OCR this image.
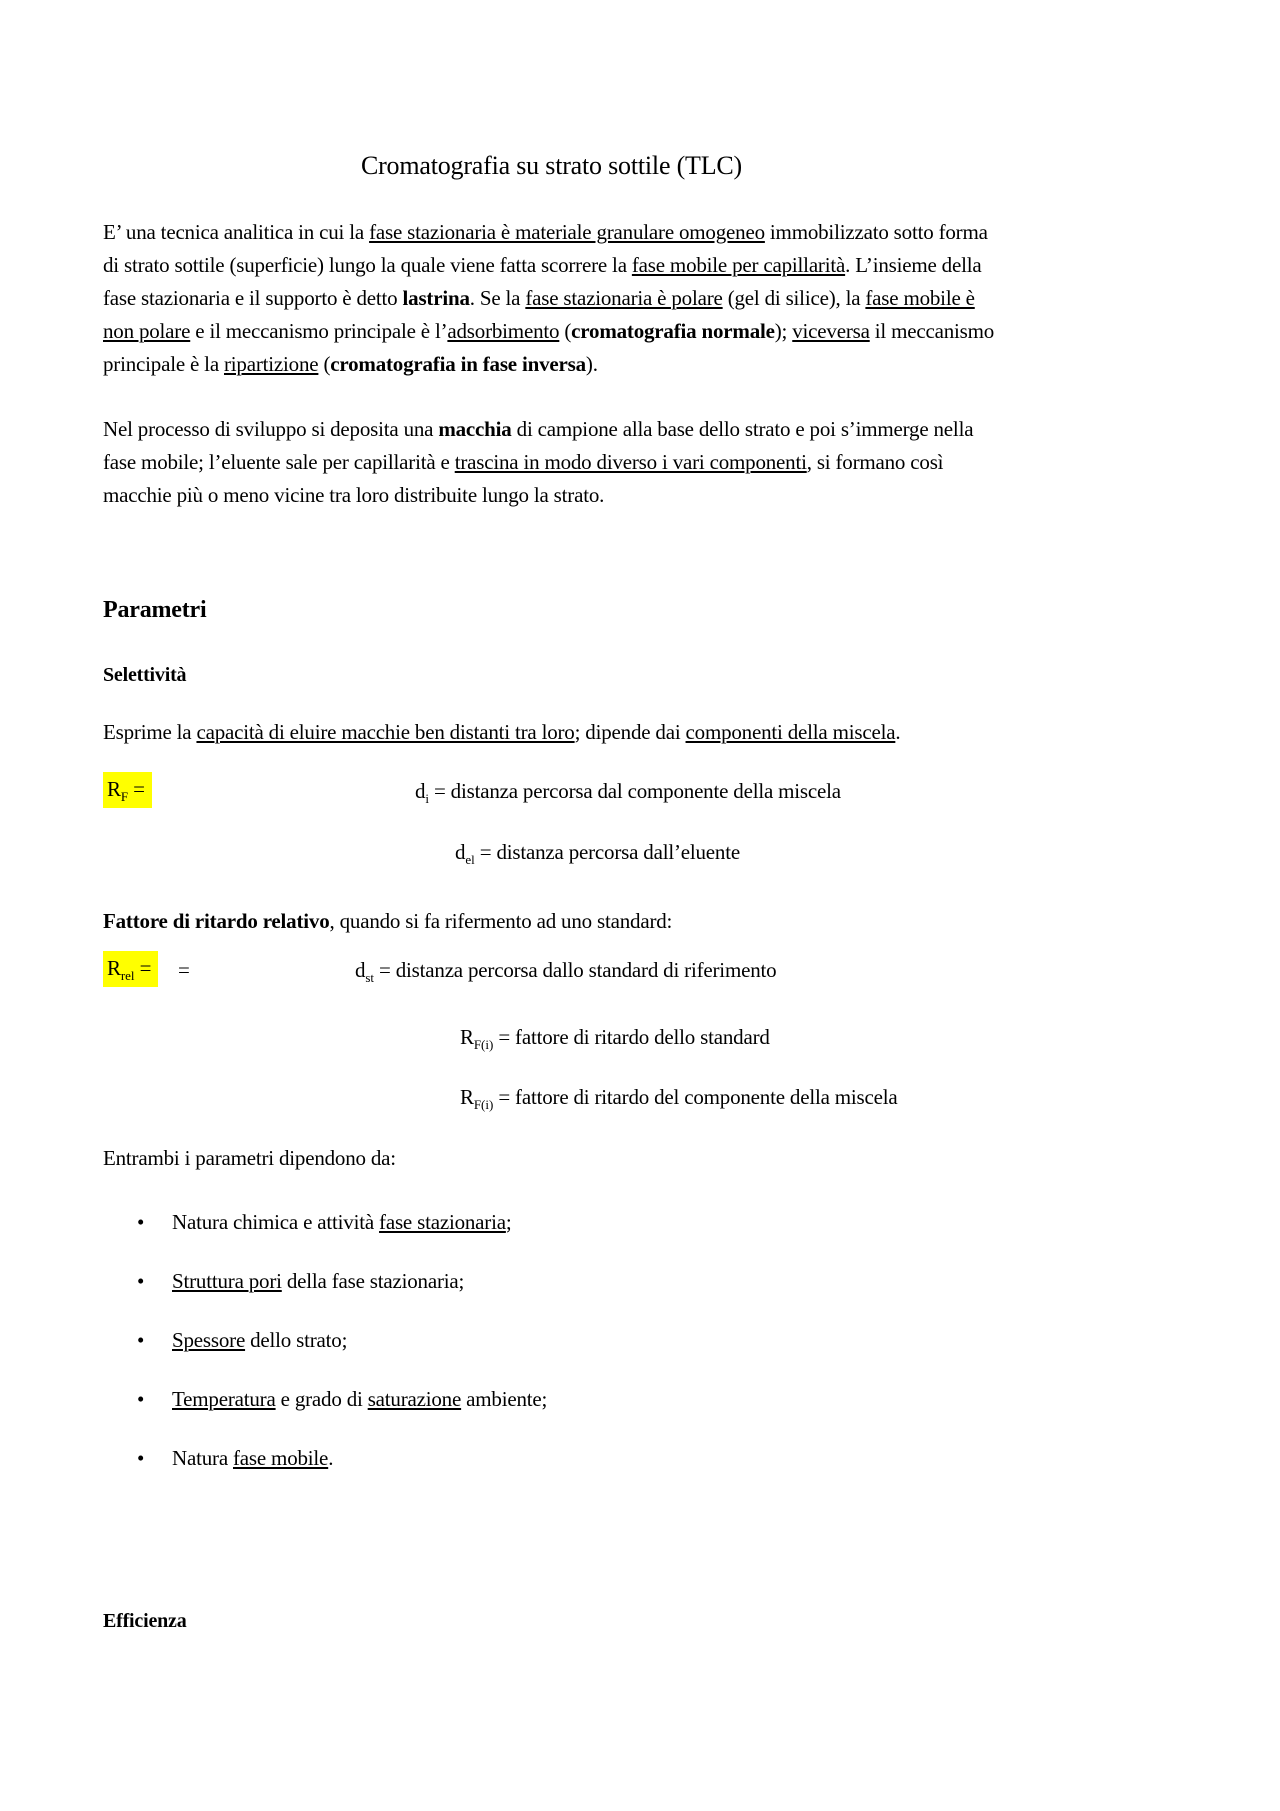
Cromatografia su strato sottile (TLC)

E’ una tecnica analitica in cui la fase stazionaria è materiale granulare omogeneo immobilizzato sotto forma di strato sottile (superficie) lungo la quale viene fatta scorrere la fase mobile per capillarità. L’insieme della fase stazionaria e il supporto è detto lastrina. Se la fase stazionaria è polare (gel di silice), la fase mobile è non polare e il meccanismo principale è l’adsorbimento (cromatografia normale); viceversa il meccanismo principale è la ripartizione (cromatografia in fase inversa).

Nel processo di sviluppo si deposita una macchia di campione alla base dello strato e poi s’immerge nella fase mobile; l’eluente sale per capillarità e trascina in modo diverso i vari componenti, si formano così macchie più o meno vicine tra loro distribuite lungo la strato.

Parametri
Selettività

Esprime la capacità di eluire macchie ben distanti tra loro; dipende dai componenti della miscela.

$R_F$ =	$d_i$ = distanza percorsa dal componente della miscela

$d_{el}$ = distanza percorsa dall’eluente

Fattore di ritardo relativo, quando si fa rifermento ad uno standard:

$R_{rel}$ =	=	$d_{st}$ = distanza percorsa dallo standard di riferimento

$R_{F(i)}$ = fattore di ritardo dello standard

$R_{F(i)}$ = fattore di ritardo del componente della miscela

Entrambi i parametri dipendono da:

• Natura chimica e attività fase stazionaria;
• Struttura pori della fase stazionaria;
• Spessore dello strato;
• Temperatura e grado di saturazione ambiente;
• Natura fase mobile.
Efficienza
